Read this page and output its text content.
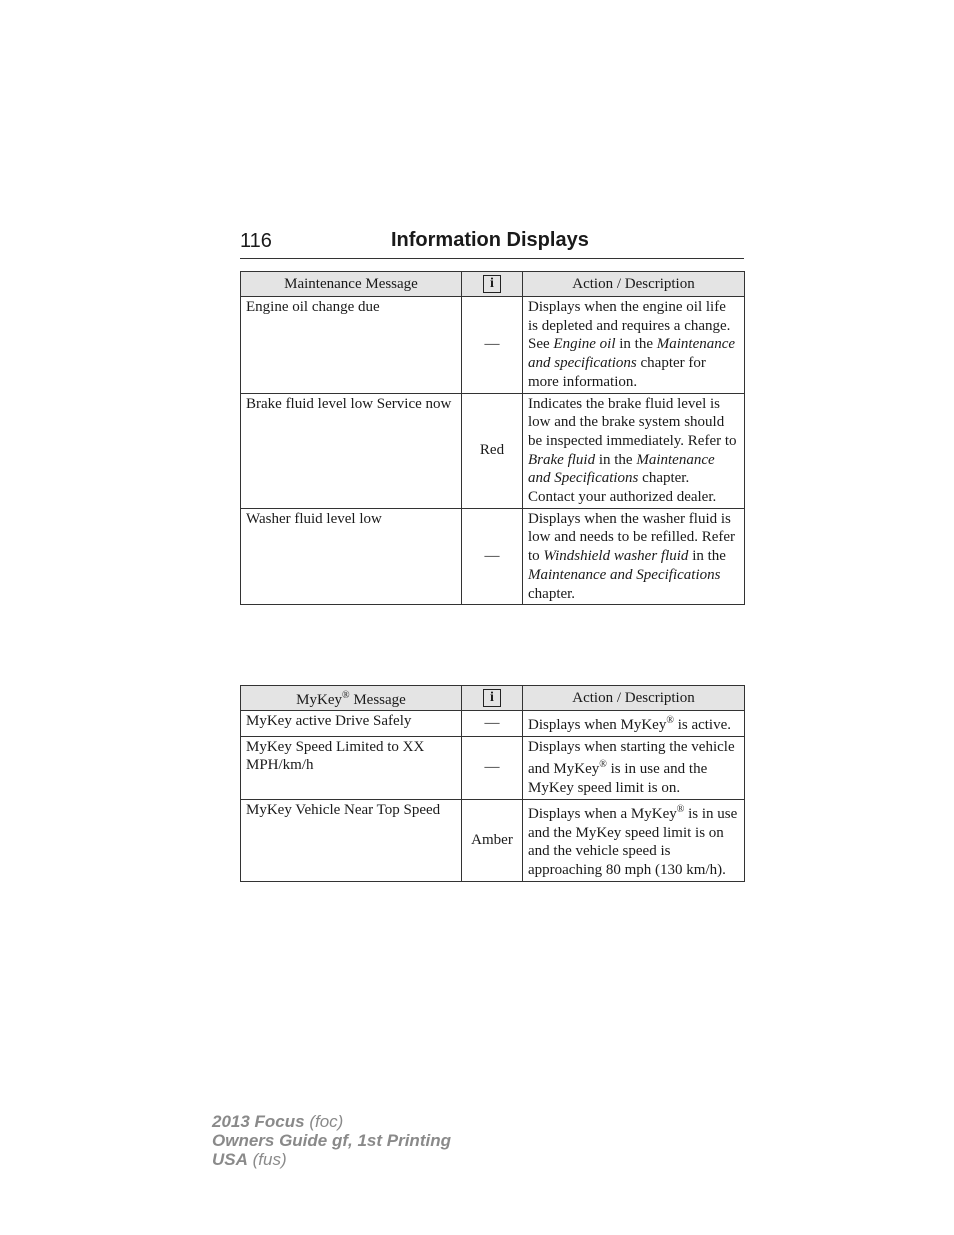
116	Information Displays
Maintenance Message	i	Action / Description
Engine oil change due	—	Displays when the engine oil life is depleted and requires a change. See Engine oil in the Maintenance and specifications chapter for more information.
Brake fluid level low Service now	Red	Indicates the brake fluid level is low and the brake system should be inspected immediately. Refer to Brake fluid in the Maintenance and Specifications chapter. Contact your authorized dealer.
Washer fluid level low	—	Displays when the washer fluid is low and needs to be refilled. Refer to Windshield washer fluid in the Maintenance and Specifications chapter.
MyKey® Message	i	Action / Description
MyKey active Drive Safely	—	Displays when MyKey® is active.
MyKey Speed Limited to XX MPH/km/h	—	Displays when starting the vehicle and MyKey® is in use and the MyKey speed limit is on.
MyKey Vehicle Near Top Speed	Amber	Displays when a MyKey® is in use and the MyKey speed limit is on and the vehicle speed is approaching 80 mph (130 km/h).
2013 Focus (foc)
Owners Guide gf, 1st Printing
USA (fus)
